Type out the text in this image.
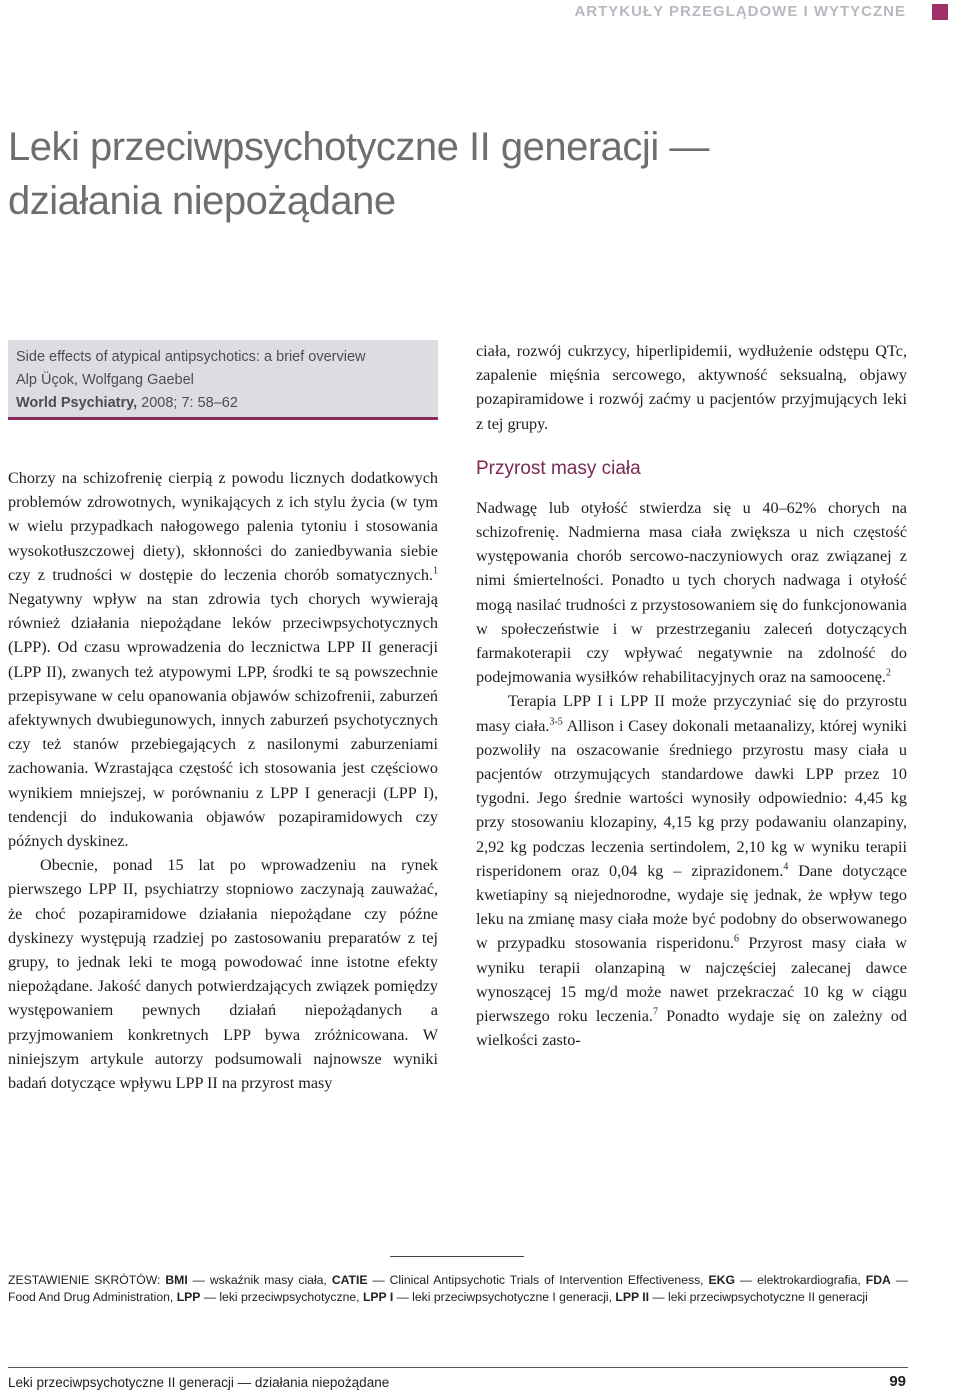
ARTYKUŁY PRZEGLĄDOWE I WYTYCZNE
Leki przeciwpsychotyczne II generacji —
działania niepożądane
Side effects of atypical antipsychotics: a brief overview
Alp Üçok, Wolfgang Gaebel
World Psychiatry, 2008; 7: 58–62

Chorzy na schizofrenię cierpią z powodu licznych dodatkowych problemów zdrowotnych, wynikających z ich stylu życia (w tym w wielu przypadkach nałogowego palenia tytoniu i stosowania wysokotłuszczowej diety), skłonności do zaniedbywania siebie czy z trudności w dostępie do leczenia chorób somatycznych.$^1$ Negatywny wpływ na stan zdrowia tych chorych wywierają również działania niepożądane leków przeciwpsychotycznych (LPP). Od czasu wprowadzenia do lecznictwa LPP II generacji (LPP II), zwanych też atypowymi LPP, środki te są powszechnie przepisywane w celu opanowania objawów schizofrenii, zaburzeń afektywnych dwubiegunowych, innych zaburzeń psychotycznych czy też stanów przebiegających z nasilonymi zaburzeniami zachowania. Wzrastająca częstość ich stosowania jest częściowo wynikiem mniejszej, w porównaniu z LPP I generacji (LPP I), tendencji do indukowania objawów pozapiramidowych czy późnych dyskinez.

Obecnie, ponad 15 lat po wprowadzeniu na rynek pierwszego LPP II, psychiatrzy stopniowo zaczynają zauważać, że choć pozapiramidowe działania niepożądane czy późne dyskinezy występują rzadziej po zastosowaniu preparatów z tej grupy, to jednak leki te mogą powodować inne istotne efekty niepożądane. Jakość danych potwierdzających związek pomiędzy występowaniem pewnych działań niepożądanych a przyjmowaniem konkretnych LPP bywa zróżnicowana. W niniejszym artykule autorzy podsumowali najnowsze wyniki badań dotyczące wpływu LPP II na przyrost masy

ciała, rozwój cukrzycy, hiperlipidemii, wydłużenie odstępu QTc, zapalenie mięśnia sercowego, aktywność seksualną, objawy pozapiramidowe i rozwój zaćmy u pacjentów przyjmujących leki z tej grupy.

Przyrost masy ciała

Nadwagę lub otyłość stwierdza się u 40–62% chorych na schizofrenię. Nadmierna masa ciała zwiększa u nich częstość występowania chorób sercowo-naczyniowych oraz związanej z nimi śmiertelności. Ponadto u tych chorych nadwaga i otyłość mogą nasilać trudności z przystosowaniem się do funkcjonowania w społeczeństwie i w przestrzeganiu zaleceń dotyczących farmakoterapii czy wpływać negatywnie na zdolność do podejmowania wysiłków rehabilitacyjnych oraz na samoocenę.$^2$

Terapia LPP I i LPP II może przyczyniać się do przyrostu masy ciała.$^{3-5}$ Allison i Casey dokonali metaanalizy, której wyniki pozwoliły na oszacowanie średniego przyrostu masy ciała u pacjentów otrzymujących standardowe dawki LPP przez 10 tygodni. Jego średnie wartości wynosiły odpowiednio: 4,45 kg przy stosowaniu klozapiny, 4,15 kg przy podawaniu olanzapiny, 2,92 kg podczas leczenia sertindolem, 2,10 kg w wyniku terapii risperidonem oraz 0,04 kg – ziprazidonem.$^4$ Dane dotyczące kwetiapiny są niejednorodne, wydaje się jednak, że wpływ tego leku na zmianę masy ciała może być podobny do obserwowanego w przypadku stosowania risperidonu.$^6$ Przyrost masy ciała w wyniku terapii olanzapiną w najczęściej zalecanej dawce wynoszącej 15 mg/d może nawet przekraczać 10 kg w ciągu pierwszego roku leczenia.$^7$ Ponadto wydaje się on zależny od wielkości zasto-

ZESTAWIENIE SKRÓTÓW: BMI — wskaźnik masy ciała, CATIE — Clinical Antipsychotic Trials of Intervention Effectiveness, EKG — elektrokardiografia, FDA — Food And Drug Administration, LPP — leki przeciwpsychotyczne, LPP I — leki przeciwpsychotyczne I generacji, LPP II — leki przeciwpsychotyczne II generacji
Leki przeciwpsychotyczne II generacji — działania niepożądane	99
